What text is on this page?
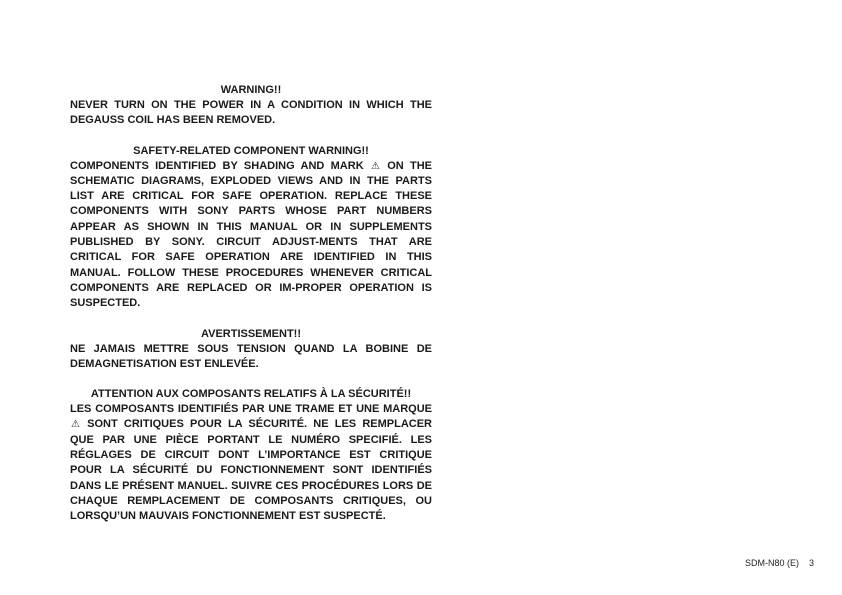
WARNING!!

NEVER TURN ON THE POWER IN A CONDITION IN WHICH THE DEGAUSS COIL HAS BEEN REMOVED.

SAFETY-RELATED COMPONENT WARNING!!

COMPONENTS IDENTIFIED BY SHADING AND MARK ⚠ ON THE SCHEMATIC DIAGRAMS, EXPLODED VIEWS AND IN THE PARTS LIST ARE CRITICAL FOR SAFE OPERATION. REPLACE THESE COMPONENTS WITH SONY PARTS WHOSE PART NUMBERS APPEAR AS SHOWN IN THIS MANUAL OR IN SUPPLEMENTS PUBLISHED BY SONY. CIRCUIT ADJUST-MENTS THAT ARE CRITICAL FOR SAFE OPERATION ARE IDENTIFIED IN THIS MANUAL. FOLLOW THESE PROCEDURES WHENEVER CRITICAL COMPONENTS ARE REPLACED OR IM-PROPER OPERATION IS SUSPECTED.

AVERTISSEMENT!!

NE JAMAIS METTRE SOUS TENSION QUAND LA BOBINE DE DEMAGNETISATION EST ENLEVÉE.

ATTENTION AUX COMPOSANTS RELATIFS À LA SÉCURITÉ!!

LES COMPOSANTS IDENTIFIÉS PAR UNE TRAME ET UNE MARQUE ⚠ SONT CRITIQUES POUR LA SÉCURITÉ. NE LES REMPLACER QUE PAR UNE PIÈCE PORTANT LE NUMÉRO SPECIFIÉ. LES RÉGLAGES DE CIRCUIT DONT L’IMPORTANCE EST CRITIQUE POUR LA SÉCURITÉ DU FONCTIONNEMENT SONT IDENTIFIÉS DANS LE PRÉSENT MANUEL. SUIVRE CES PROCÉDURES LORS DE CHAQUE REMPLACEMENT DE COMPOSANTS CRITIQUES, OU LORSQU’UN MAUVAIS FONCTIONNEMENT EST SUSPECTÉ.

SDM-N80 (E) 3
